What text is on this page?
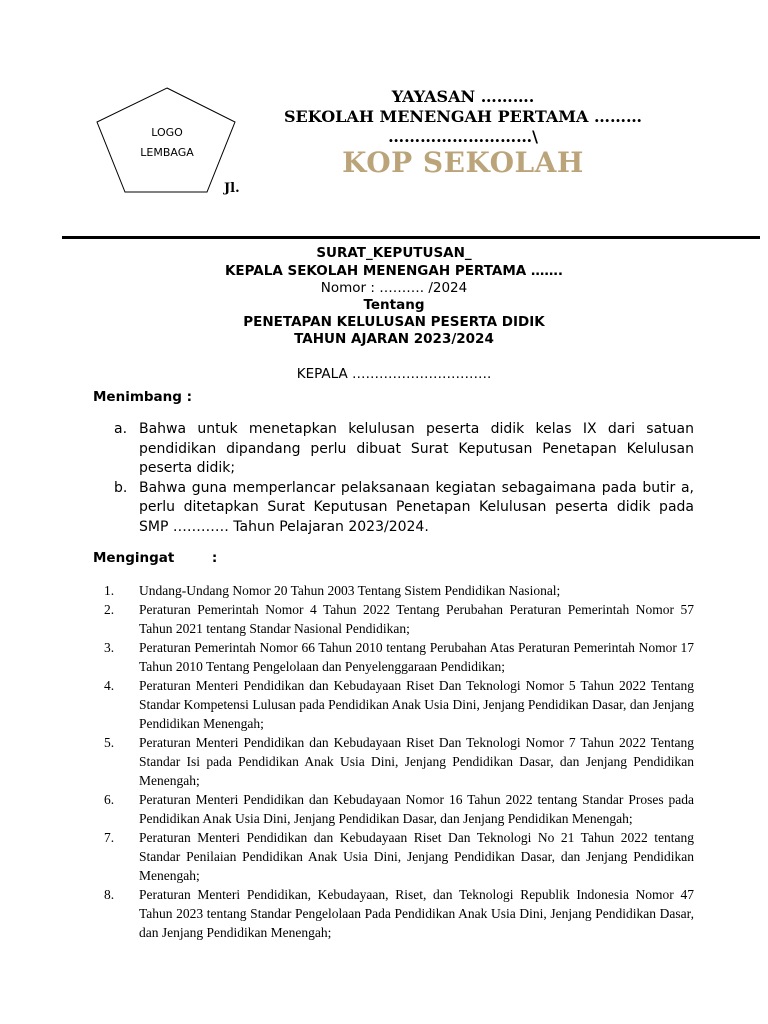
LOGO
LEMBAGA
YAYASAN ……….
SEKOLAH MENENGAH PERTAMA ………
………………………\
KOP SEKOLAH
Jl.
SURAT_KEPUTUSAN_
KEPALA SEKOLAH MENENGAH PERTAMA …….
Nomor : ………. /2024
Tentang
PENETAPAN KELULUSAN PESERTA DIDIK
TAHUN AJARAN 2023/2024
KEPALA ………………………….
Menimbang :
a. Bahwa untuk menetapkan kelulusan peserta didik kelas IX dari satuan pendidikan dipandang perlu dibuat Surat Keputusan Penetapan Kelulusan peserta didik;
b. Bahwa guna memperlancar pelaksanaan kegiatan sebagaimana pada butir a, perlu ditetapkan Surat Keputusan Penetapan Kelulusan peserta didik pada SMP ………… Tahun Pelajaran 2023/2024.
Mengingat        :
1.	Undang-Undang Nomor 20 Tahun 2003 Tentang Sistem Pendidikan Nasional;
2.	Peraturan Pemerintah Nomor 4 Tahun 2022 Tentang Perubahan Peraturan Pemerintah Nomor 57 Tahun 2021 tentang Standar Nasional Pendidikan;
3.	Peraturan Pemerintah Nomor 66 Tahun 2010 tentang Perubahan Atas Peraturan Pemerintah Nomor 17 Tahun 2010 Tentang Pengelolaan dan Penyelenggaraan Pendidikan;
4.	Peraturan Menteri Pendidikan dan Kebudayaan Riset Dan Teknologi Nomor 5 Tahun 2022 Tentang Standar Kompetensi Lulusan pada Pendidikan Anak Usia Dini, Jenjang Pendidikan Dasar, dan Jenjang Pendidikan Menengah;
5.	Peraturan Menteri Pendidikan dan Kebudayaan Riset Dan Teknologi Nomor 7 Tahun 2022 Tentang Standar Isi pada Pendidikan Anak Usia Dini, Jenjang Pendidikan Dasar, dan Jenjang Pendidikan Menengah;
6.	Peraturan Menteri Pendidikan dan Kebudayaan Nomor 16 Tahun 2022 tentang Standar Proses pada Pendidikan Anak Usia Dini, Jenjang Pendidikan Dasar, dan Jenjang Pendidikan Menengah;
7.	Peraturan Menteri Pendidikan dan Kebudayaan Riset Dan Teknologi No 21 Tahun 2022 tentang Standar Penilaian Pendidikan Anak Usia Dini, Jenjang Pendidikan Dasar, dan Jenjang Pendidikan Menengah;
8.	Peraturan Menteri Pendidikan, Kebudayaan, Riset, dan Teknologi Republik Indonesia Nomor 47 Tahun 2023 tentang Standar Pengelolaan Pada Pendidikan Anak Usia Dini, Jenjang Pendidikan Dasar, dan Jenjang Pendidikan Menengah;
